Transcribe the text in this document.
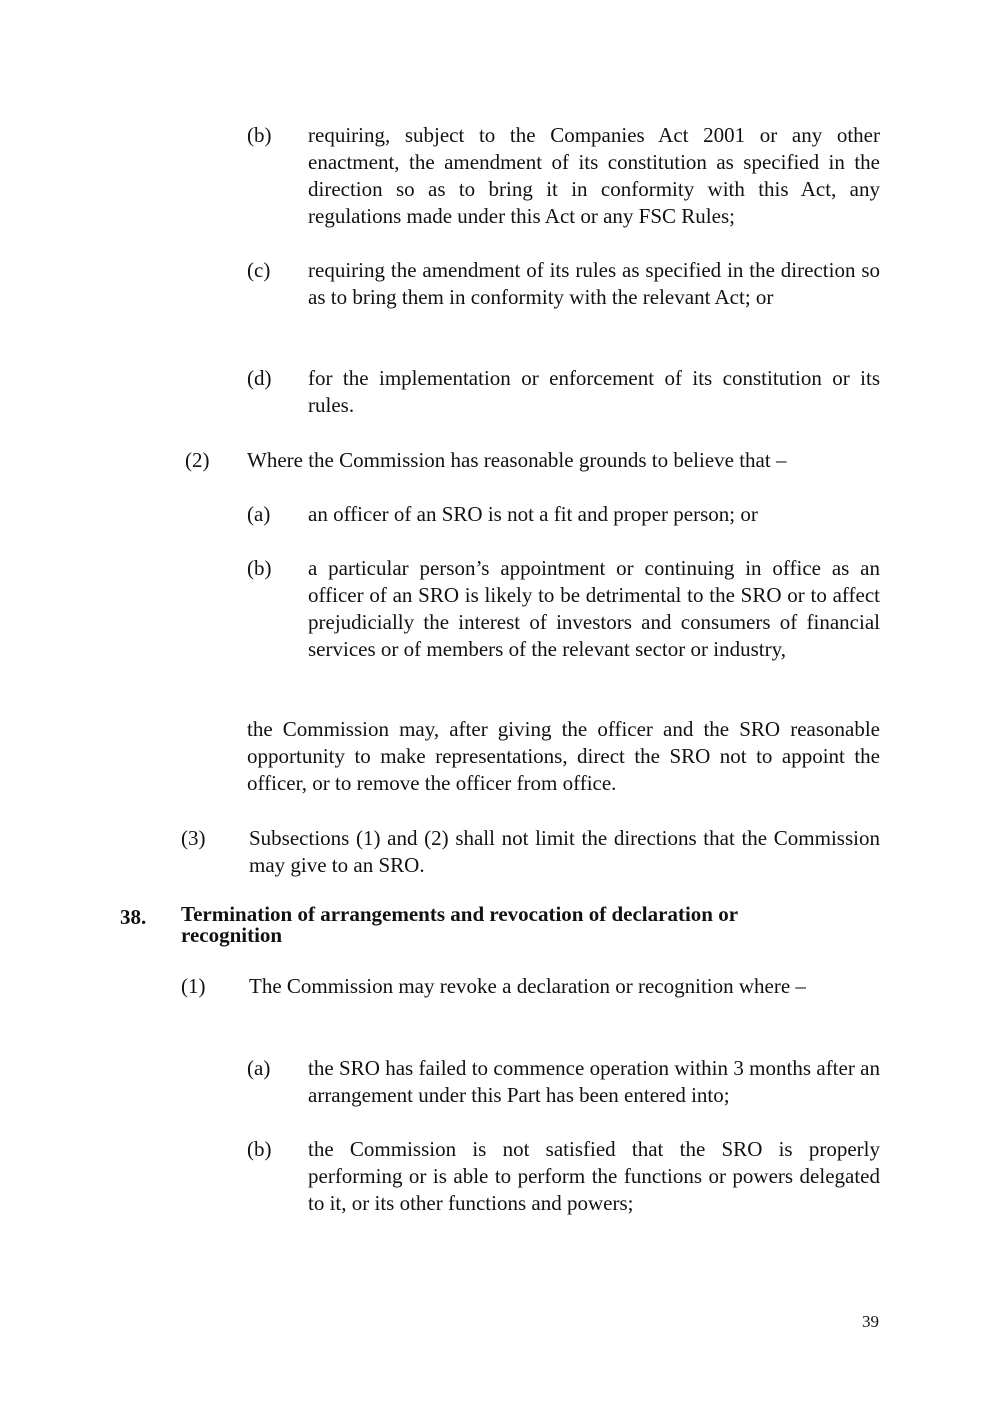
(b) requiring, subject to the Companies Act 2001 or any other enactment, the amendment of its constitution as specified in the direction so as to bring it in conformity with this Act, any regulations made under this Act or any FSC Rules;
(c) requiring the amendment of its rules as specified in the direction so as to bring them in conformity with the relevant Act; or
(d) for the implementation or enforcement of its constitution or its rules.
(2) Where the Commission has reasonable grounds to believe that –
(a) an officer of an SRO is not a fit and proper person; or
(b) a particular person’s appointment or continuing in office as an officer of an SRO is likely to be detrimental to the SRO or to affect prejudicially the interest of investors and consumers of financial services or of members of the relevant sector or industry,
the Commission may, after giving the officer and the SRO reasonable opportunity to make representations, direct the SRO not to appoint the officer, or to remove the officer from office.
(3) Subsections (1) and (2) shall not limit the directions that the Commission may give to an SRO.
38. Termination of arrangements and revocation of declaration or recognition
(1) The Commission may revoke a declaration or recognition where –
(a) the SRO has failed to commence operation within 3 months after an arrangement under this Part has been entered into;
(b) the Commission is not satisfied that the SRO is properly performing or is able to perform the functions or powers delegated to it, or its other functions and powers;
39
